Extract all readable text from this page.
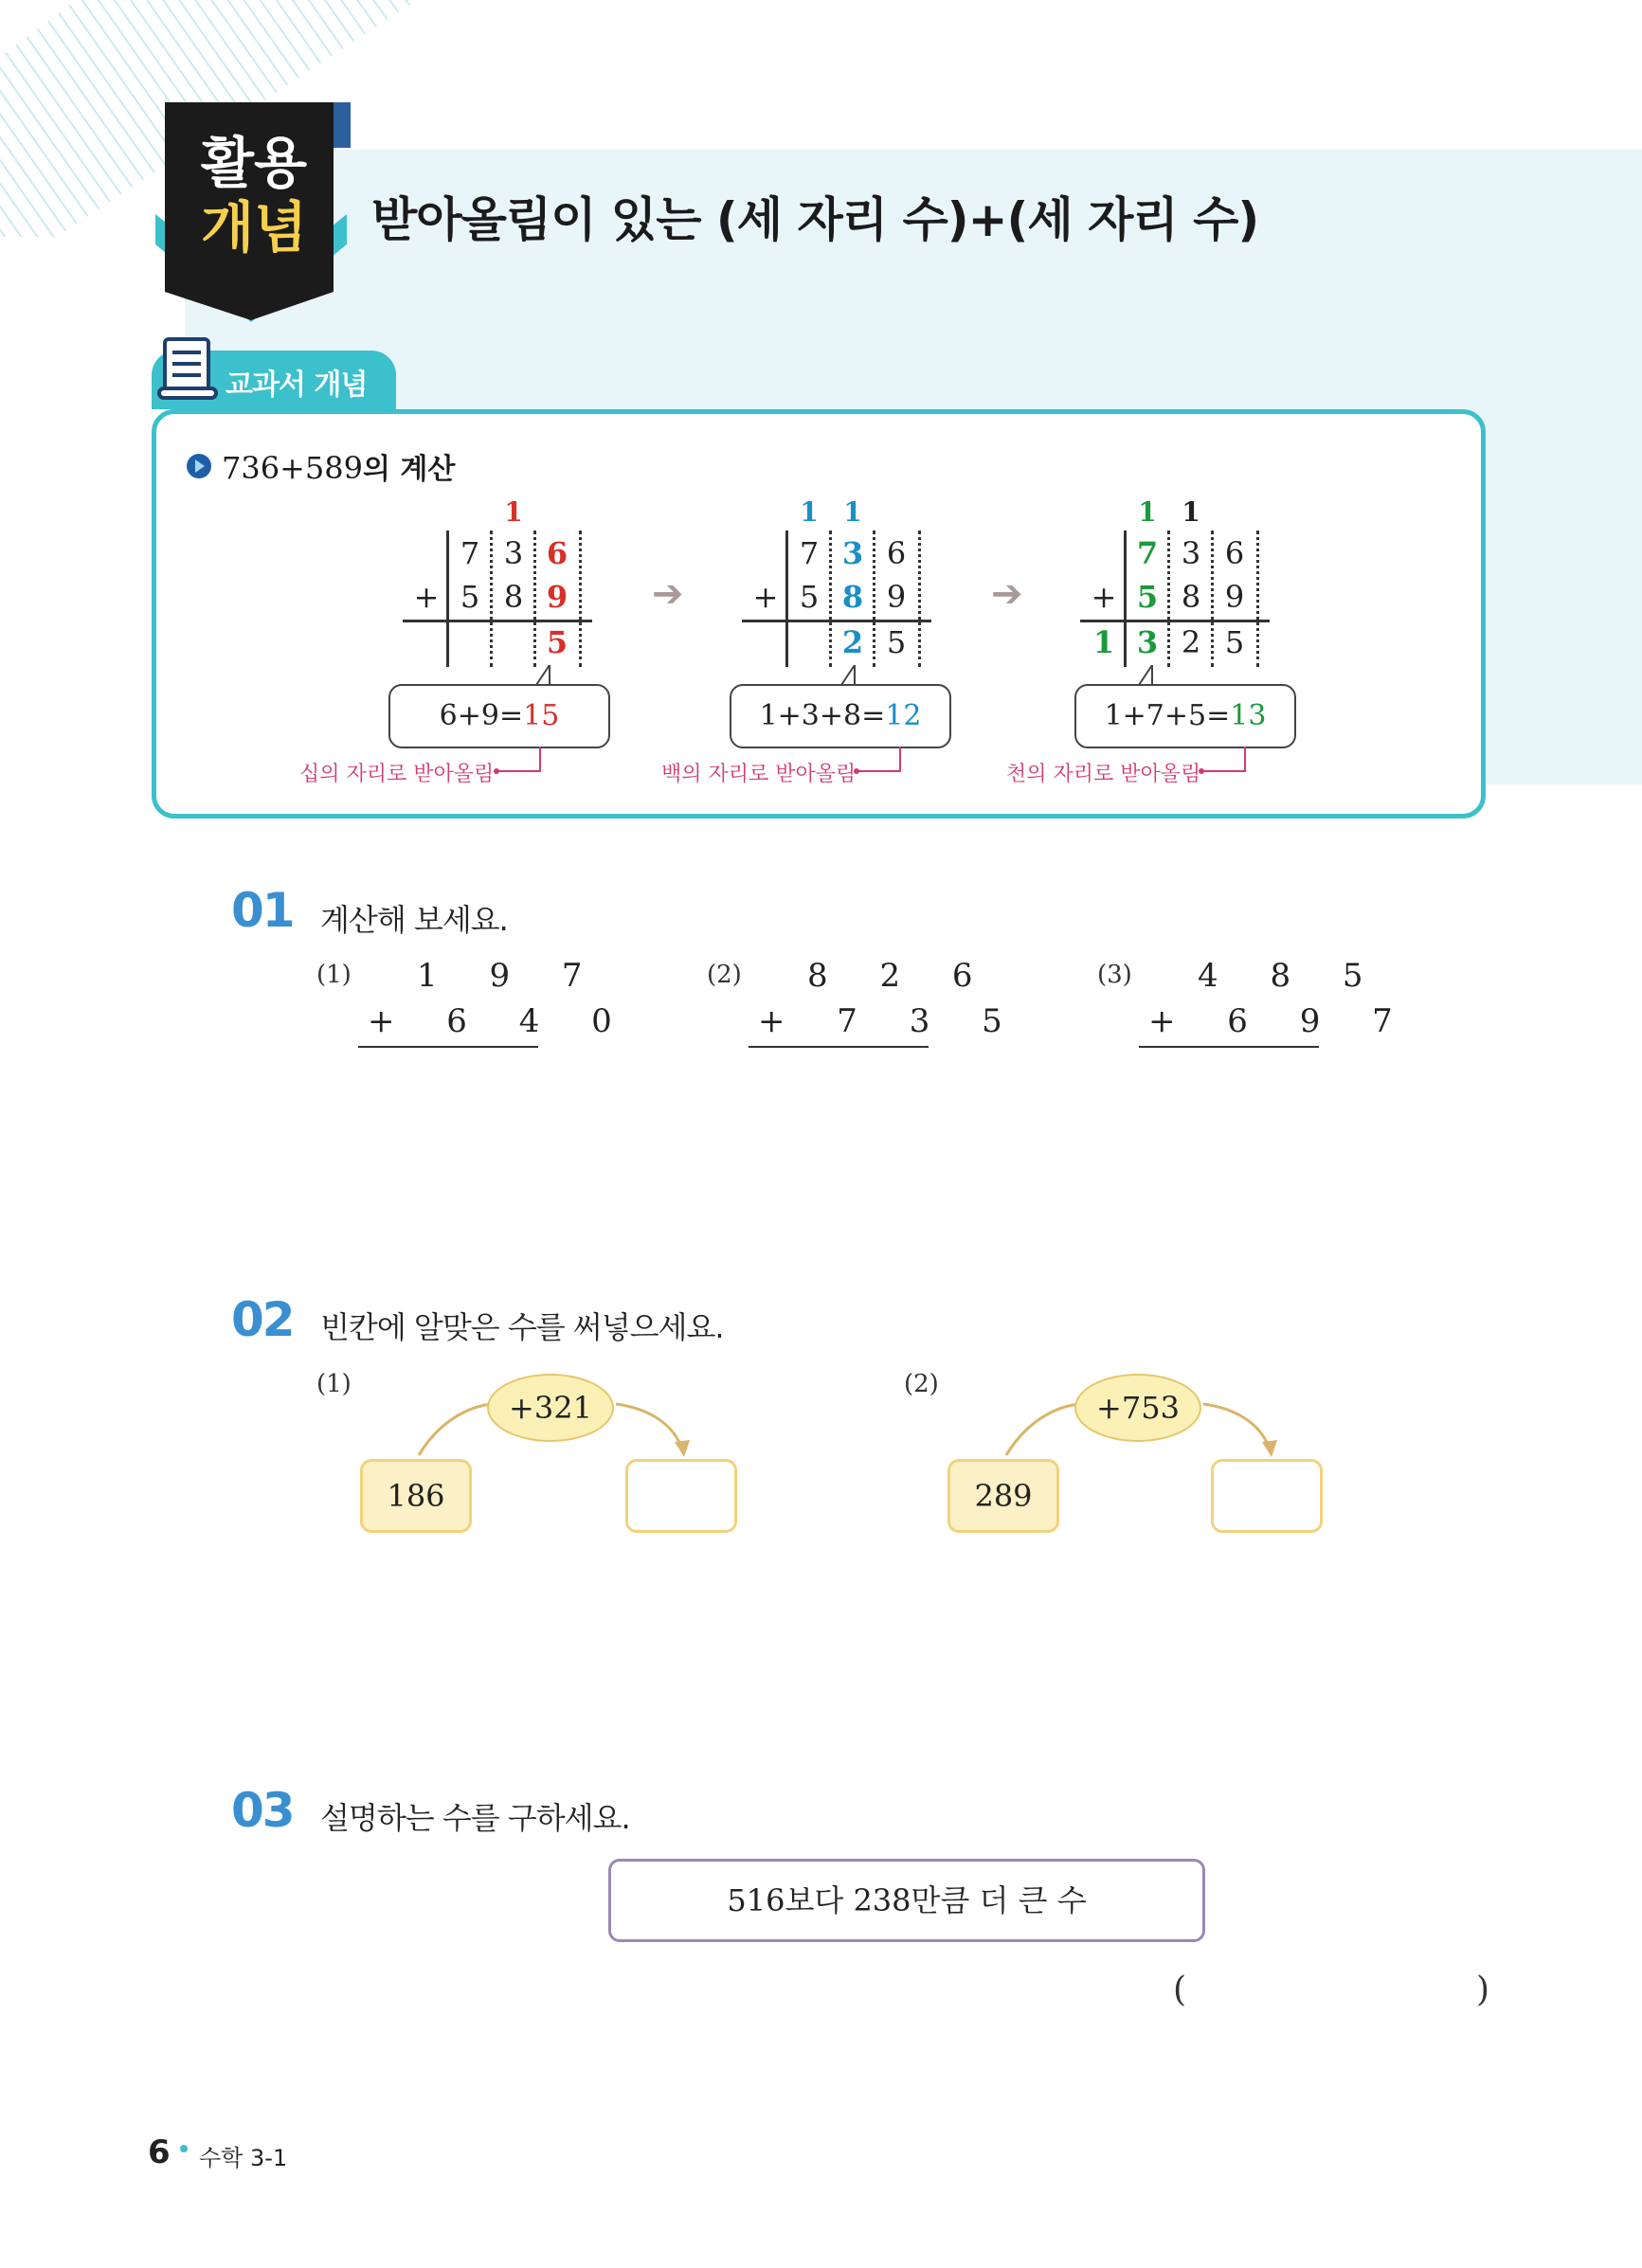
활용
개념 받아올림이 있는 (세 자리 수)+(세 자리 수)
교과서 개념
736+589의 계산
1
7 3 6
+ 5 8 9
5
6+9=15
십의 자리로 받아올림
➔
1 1
7 3 6
+ 5 8 9
2 5
1+3+8=12
백의 자리로 받아올림
➔
1 1
7 3 6
+ 5 8 9
1 3 2 5
1+7+5=13
천의 자리로 받아올림
01 계산해 보세요.
(1) 1 9 7
+ 6 4 0
(2) 8 2 6
+ 7 3 5
(3) 4 8 5
+ 6 9 7
02 빈칸에 알맞은 수를 써넣으세요.
(1)
+321
186
(2)
+753
289
03 설명하는 수를 구하세요.
516보다 238만큼 더 큰 수
(	)
6 수학 3-1
